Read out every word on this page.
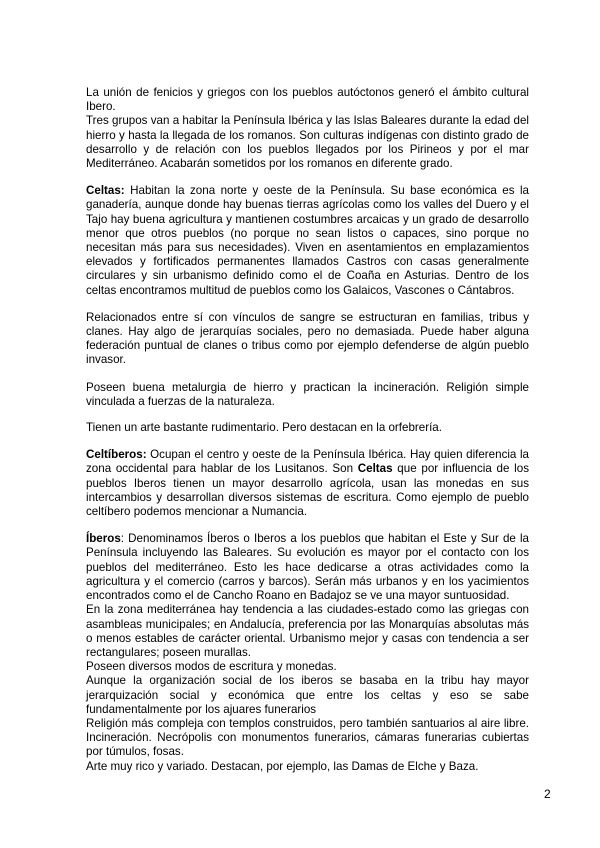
La unión de fenicios y griegos con los pueblos autóctonos generó el ámbito cultural Ibero.

Tres grupos van a habitar la Península Ibérica y las Islas Baleares durante la edad del hierro y hasta la llegada de los romanos. Son culturas indígenas con distinto grado de desarrollo y de relación con los pueblos llegados por los Pirineos y por el mar Mediterráneo. Acabarán sometidos por los romanos en diferente grado.

Celtas: Habitan la zona norte y oeste de la Península. Su base económica es la ganadería, aunque donde hay buenas tierras agrícolas como los valles del Duero y el Tajo hay buena agricultura y mantienen costumbres arcaicas y un grado de desarrollo menor que otros pueblos (no porque no sean listos o capaces, sino porque no necesitan más para sus necesidades). Viven en asentamientos en emplazamientos elevados y fortificados permanentes llamados Castros con casas generalmente circulares y sin urbanismo definido como el de Coaña en Asturias. Dentro de los celtas encontramos multitud de pueblos como los Galaicos, Vascones o Cántabros.

Relacionados entre sí con vínculos de sangre se estructuran en familias, tribus y clanes. Hay algo de jerarquías sociales, pero no demasiada. Puede haber alguna federación puntual de clanes o tribus como por ejemplo defenderse de algún pueblo invasor.

Poseen buena metalurgia de hierro y practican la incineración. Religión simple vinculada a fuerzas de la naturaleza.

Tienen un arte bastante rudimentario. Pero destacan en la orfebrería.

Celtíberos: Ocupan el centro y oeste de la Península Ibérica. Hay quien diferencia la zona occidental para hablar de los Lusitanos. Son Celtas que por influencia de los pueblos Iberos tienen un mayor desarrollo agrícola, usan las monedas en sus intercambios y desarrollan diversos sistemas de escritura. Como ejemplo de pueblo celtíbero podemos mencionar a Numancia.

Íberos: Denominamos Íberos o Iberos a los pueblos que habitan el Este y Sur de la Península incluyendo las Baleares. Su evolución es mayor por el contacto con los pueblos del mediterráneo. Esto les hace dedicarse a otras actividades como la agricultura y el comercio (carros y barcos). Serán más urbanos y en los yacimientos encontrados como el de Cancho Roano en Badajoz se ve una mayor suntuosidad.

En la zona mediterránea hay tendencia a las ciudades-estado como las griegas con asambleas municipales; en Andalucía, preferencia por las Monarquías absolutas más o menos estables de carácter oriental. Urbanismo mejor y casas con tendencia a ser rectangulares; poseen murallas.

Poseen diversos modos de escritura y monedas.

Aunque la organización social de los iberos se basaba en la tribu hay mayor jerarquización social y económica que entre los celtas y eso se sabe fundamentalmente por los ajuares funerarios

Religión más compleja con templos construidos, pero también santuarios al aire libre. Incineración. Necrópolis con monumentos funerarios, cámaras funerarias cubiertas por túmulos, fosas.

Arte muy rico y variado. Destacan, por ejemplo, las Damas de Elche y Baza.

2
